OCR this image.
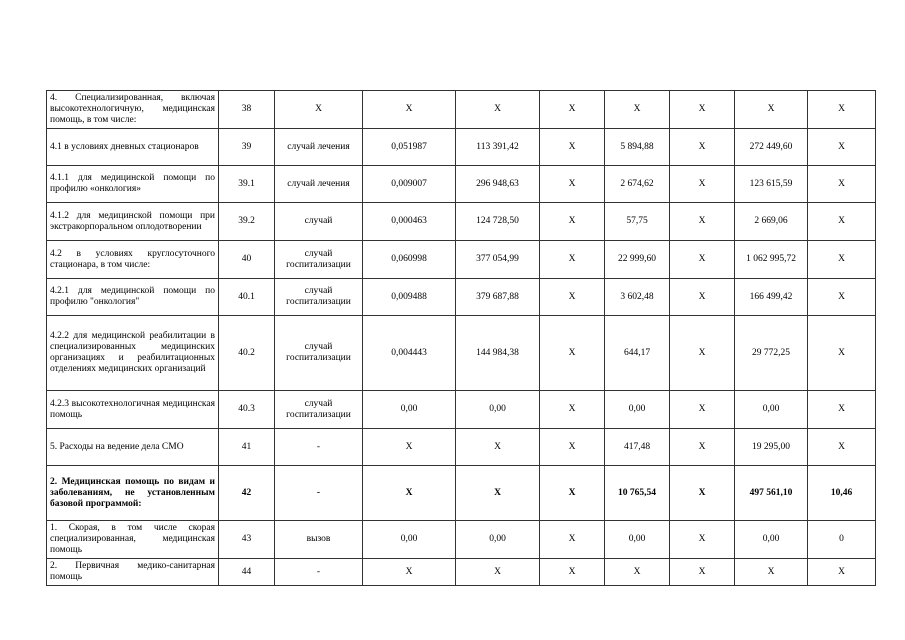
4. Специализированная, включая высокотехнологичную, медицинская помощь, в том числе:	38	Х	Х	Х	Х	Х	Х	Х	Х
4.1 в условиях дневных стационаров	39	случай лечения	0,051987	113 391,42	Х	5 894,88	Х	272 449,60	Х
4.1.1 для медицинской помощи по профилю «онкология»	39.1	случай лечения	0,009007	296 948,63	Х	2 674,62	Х	123 615,59	Х
4.1.2 для медицинской помощи при экстракорпоральном оплодотворении	39.2	случай	0,000463	124 728,50	Х	57,75	Х	2 669,06	Х
4.2 в условиях круглосуточного стационара, в том числе:	40	случай госпитализации	0,060998	377 054,99	Х	22 999,60	Х	1 062 995,72	Х
4.2.1 для медицинской помощи по профилю "онкология"	40.1	случай госпитализации	0,009488	379 687,88	Х	3 602,48	Х	166 499,42	Х
4.2.2 для медицинской реабилитации в специализированных медицинских организациях и реабилитационных отделениях медицинских организаций	40.2	случай госпитализации	0,004443	144 984,38	Х	644,17	Х	29 772,25	Х
4.2.3 высокотехнологичная медицинская помощь	40.3	случай госпитализации	0,00	0,00	Х	0,00	Х	0,00	Х
5. Расходы на ведение дела СМО	41	-	Х	Х	Х	417,48	Х	19 295,00	Х
2. Медицинская помощь по видам и заболеваниям, не установленным базовой программой:	42	-	Х	Х	Х	10 765,54	Х	497 561,10	10,46
1. Скорая, в том числе скорая специализированная, медицинская помощь	43	вызов	0,00	0,00	Х	0,00	Х	0,00	0
2. Первичная медико-санитарная помощь	44	-	Х	Х	Х	Х	Х	Х	Х
